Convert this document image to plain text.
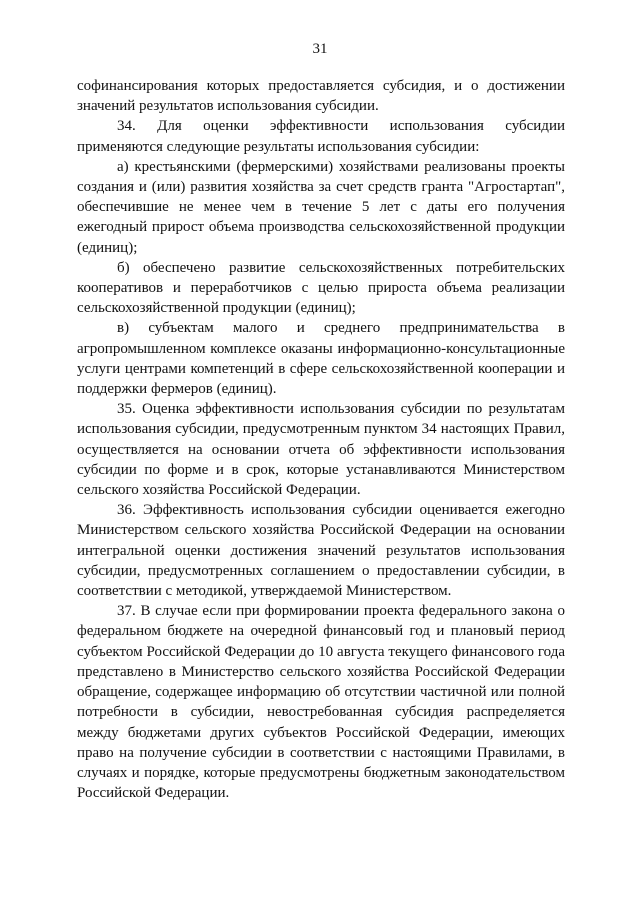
31

софинансирования которых предоставляется субсидия, и о достижении значений результатов использования субсидии.

34. Для оценки эффективности использования субсидии применяются следующие результаты использования субсидии:

а) крестьянскими (фермерскими) хозяйствами реализованы проекты создания и (или) развития хозяйства за счет средств гранта "Агростартап", обеспечившие не менее чем в течение 5 лет с даты его получения ежегодный прирост объема производства сельскохозяйственной продукции (единиц);

б) обеспечено развитие сельскохозяйственных потребительских кооперативов и переработчиков с целью прироста объема реализации сельскохозяйственной продукции (единиц);

в) субъектам малого и среднего предпринимательства в агропромышленном комплексе оказаны информационно-консультационные услуги центрами компетенций в сфере сельскохозяйственной кооперации и поддержки фермеров (единиц).

35. Оценка эффективности использования субсидии по результатам использования субсидии, предусмотренным пунктом 34 настоящих Правил, осуществляется на основании отчета об эффективности использования субсидии по форме и в срок, которые устанавливаются Министерством сельского хозяйства Российской Федерации.

36. Эффективность использования субсидии оценивается ежегодно Министерством сельского хозяйства Российской Федерации на основании интегральной оценки достижения значений результатов использования субсидии, предусмотренных соглашением о предоставлении субсидии, в соответствии с методикой, утверждаемой Министерством.

37. В случае если при формировании проекта федерального закона о федеральном бюджете на очередной финансовый год и плановый период субъектом Российской Федерации до 10 августа текущего финансового года представлено в Министерство сельского хозяйства Российской Федерации обращение, содержащее информацию об отсутствии частичной или полной потребности в субсидии, невостребованная субсидия распределяется между бюджетами других субъектов Российской Федерации, имеющих право на получение субсидии в соответствии с настоящими Правилами, в случаях и порядке, которые предусмотрены бюджетным законодательством Российской Федерации.
